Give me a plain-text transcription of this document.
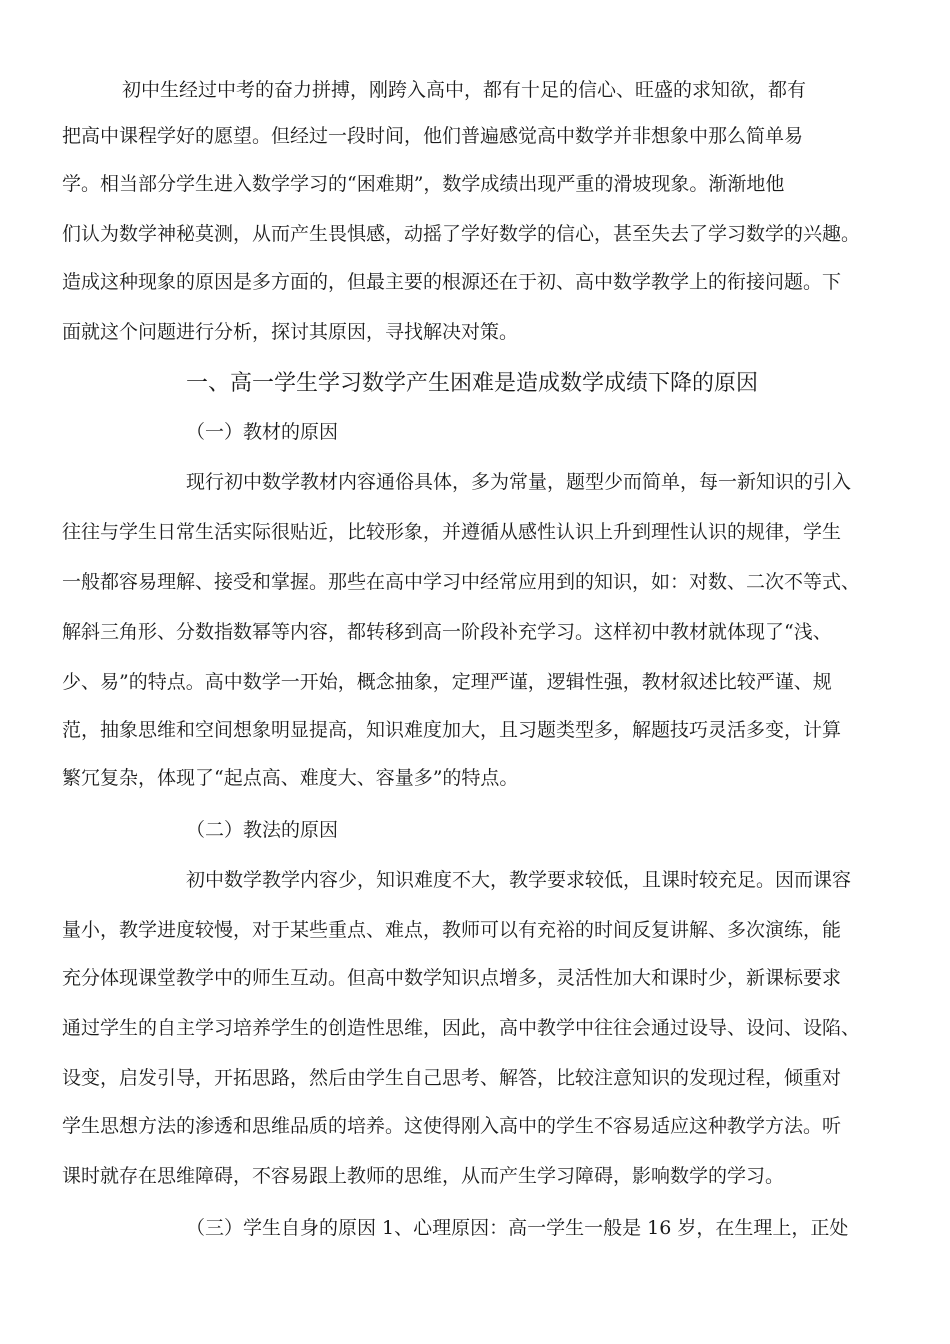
初中生经过中考的奋力拼搏，刚跨入高中，都有十足的信心、旺盛的求知欲，都有
把高中课程学好的愿望。但经过一段时间，他们普遍感觉高中数学并非想象中那么简单易
学。相当部分学生进入数学学习的“困难期”，数学成绩出现严重的滑坡现象。渐渐地他
们认为数学神秘莫测，从而产生畏惧感，动摇了学好数学的信心，甚至失去了学习数学的兴趣。
造成这种现象的原因是多方面的，但最主要的根源还在于初、高中数学教学上的衔接问题。下
面就这个问题进行分析，探讨其原因，寻找解决对策。
一、高一学生学习数学产生困难是造成数学成绩下降的原因
（一）教材的原因
现行初中数学教材内容通俗具体，多为常量，题型少而简单，每一新知识的引入
往往与学生日常生活实际很贴近，比较形象，并遵循从感性认识上升到理性认识的规律，学生
一般都容易理解、接受和掌握。那些在高中学习中经常应用到的知识，如：对数、二次不等式、
解斜三角形、分数指数幂等内容，都转移到高一阶段补充学习。这样初中教材就体现了“浅、
少、易”的特点。高中数学一开始，概念抽象，定理严谨，逻辑性强，教材叙述比较严谨、规
范，抽象思维和空间想象明显提高，知识难度加大，且习题类型多，解题技巧灵活多变，计算
繁冗复杂，体现了“起点高、难度大、容量多”的特点。
（二）教法的原因
初中数学教学内容少，知识难度不大，教学要求较低，且课时较充足。因而课容
量小，教学进度较慢，对于某些重点、难点，教师可以有充裕的时间反复讲解、多次演练，能
充分体现课堂教学中的师生互动。但高中数学知识点增多，灵活性加大和课时少，新课标要求
通过学生的自主学习培养学生的创造性思维，因此，高中教学中往往会通过设导、设问、设陷、
设变，启发引导，开拓思路，然后由学生自己思考、解答，比较注意知识的发现过程，倾重对
学生思想方法的渗透和思维品质的培养。这使得刚入高中的学生不容易适应这种教学方法。听
课时就存在思维障碍，不容易跟上教师的思维，从而产生学习障碍，影响数学的学习。
（三）学生自身的原因 1、心理原因：高一学生一般是 16 岁，在生理上，正处
